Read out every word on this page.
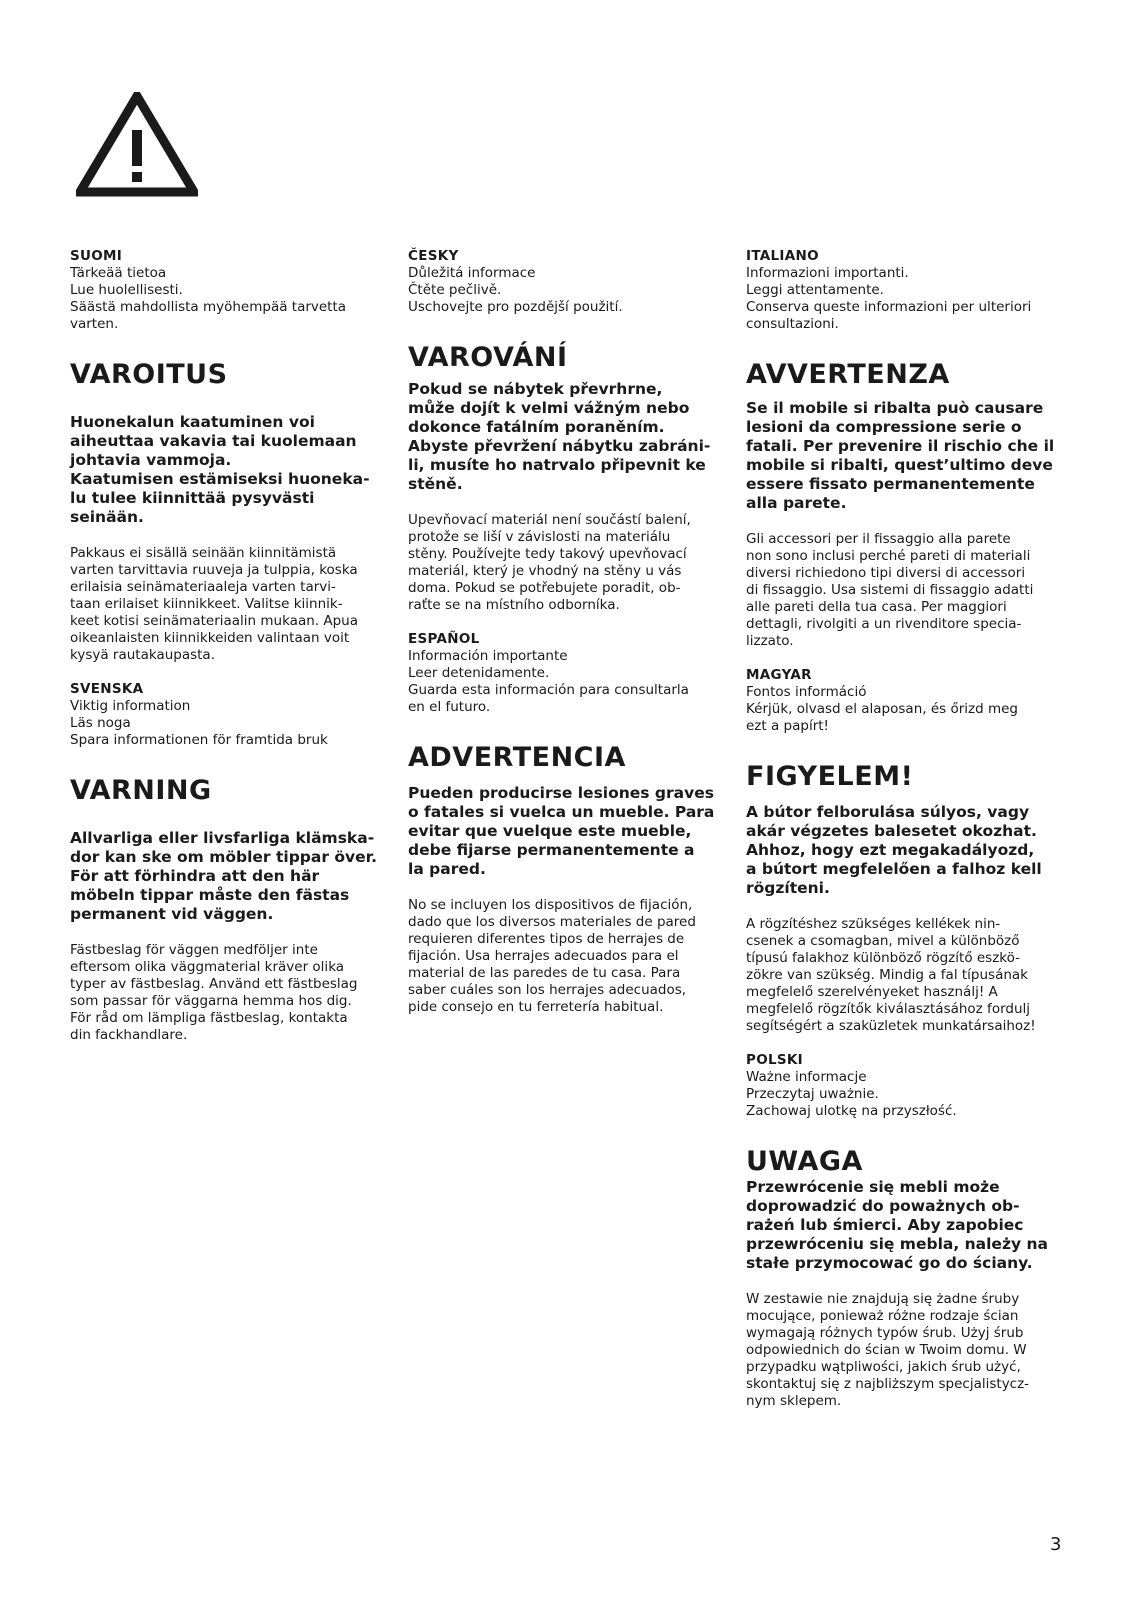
SUOMI

Tärkeää tietoa
Lue huolellisesti.
Säästä mahdollista myöhempää tarvetta
varten.

VAROITUS

Huonekalun kaatuminen voi
aiheuttaa vakavia tai kuolemaan
johtavia vammoja.
Kaatumisen estämiseksi huoneka-
lu tulee kiinnittää pysyvästi
seinään.

Pakkaus ei sisällä seinään kiinnitämistä
varten tarvittavia ruuveja ja tulppia, koska
erilaisia seinämateriaaleja varten tarvi-
taan erilaiset kiinnikkeet. Valitse kiinnik-
keet kotisi seinämateriaalin mukaan. Apua
oikeanlaisten kiinnikkeiden valintaan voit
kysyä rautakaupasta.

SVENSKA

Viktig information
Läs noga
Spara informationen för framtida bruk

VARNING

Allvarliga eller livsfarliga klämska-
dor kan ske om möbler tippar över.
För att förhindra att den här
möbeln tippar måste den fästas
permanent vid väggen.

Fästbeslag för väggen medföljer inte
eftersom olika väggmaterial kräver olika
typer av fästbeslag. Använd ett fästbeslag
som passar för väggarna hemma hos dig.
För råd om lämpliga fästbeslag, kontakta
din fackhandlare.

ČESKY

Důležitá informace
Čtěte pečlivě.
Uschovejte pro pozdější použití.

VAROVÁNÍ

Pokud se nábytek převrhrne,
může dojít k velmi vážným nebo
dokonce fatálním poraněním.
Abyste převržení nábytku zabráni-
li, musíte ho natrvalo připevnit ke
stěně.

Upevňovací materiál není součástí balení,
protože se liší v závislosti na materiálu
stěny. Používejte tedy takový upevňovací
materiál, který je vhodný na stěny u vás
doma. Pokud se potřebujete poradit, ob-
raťte se na místního odborníka.

ESPAÑOL

Información importante
Leer detenidamente.
Guarda esta información para consultarla
en el futuro.

ADVERTENCIA

Pueden producirse lesiones graves
o fatales si vuelca un mueble. Para
evitar que vuelque este mueble,
debe fijarse permanentemente a
la pared.

No se incluyen los dispositivos de fijación,
dado que los diversos materiales de pared
requieren diferentes tipos de herrajes de
fijación. Usa herrajes adecuados para el
material de las paredes de tu casa. Para
saber cuáles son los herrajes adecuados,
pide consejo en tu ferretería habitual.

ITALIANO

Informazioni importanti.
Leggi attentamente.
Conserva queste informazioni per ulteriori
consultazioni.

AVVERTENZA

Se il mobile si ribalta può causare
lesioni da compressione serie o
fatali. Per prevenire il rischio che il
mobile si ribalti, quest’ultimo deve
essere fissato permanentemente
alla parete.

Gli accessori per il fissaggio alla parete
non sono inclusi perché pareti di materiali
diversi richiedono tipi diversi di accessori
di fissaggio. Usa sistemi di fissaggio adatti
alle pareti della tua casa. Per maggiori
dettagli, rivolgiti a un rivenditore specia-
lizzato.

MAGYAR

Fontos információ
Kérjük, olvasd el alaposan, és őrizd meg
ezt a papírt!

FIGYELEM!

A bútor felborulása súlyos, vagy
akár végzetes balesetet okozhat.
Ahhoz, hogy ezt megakadályozd,
a bútort megfelelően a falhoz kell
rögzíteni.

A rögzítéshez szükséges kellékek nin-
csenek a csomagban, mivel a különböző
típusú falakhoz különböző rögzítő eszkö-
zökre van szükség. Mindig a fal típusának
megfelelő szerelvényeket használj! A
megfelelő rögzítők kiválasztásához fordulj
segítségért a szaküzletek munkatársaihoz!

POLSKI

Ważne informacje
Przeczytaj uważnie.
Zachowaj ulotkę na przyszłość.

UWAGA

Przewrócenie się mebli może
doprowadzić do poważnych ob-
rażeń lub śmierci. Aby zapobiec
przewróceniu się mebla, należy na
stałe przymocować go do ściany.

W zestawie nie znajdują się żadne śruby
mocujące, ponieważ różne rodzaje ścian
wymagają różnych typów śrub. Użyj śrub
odpowiednich do ścian w Twoim domu. W
przypadku wątpliwości, jakich śrub użyć,
skontaktuj się z najbliższym specjalistycz-
nym sklepem.

3
